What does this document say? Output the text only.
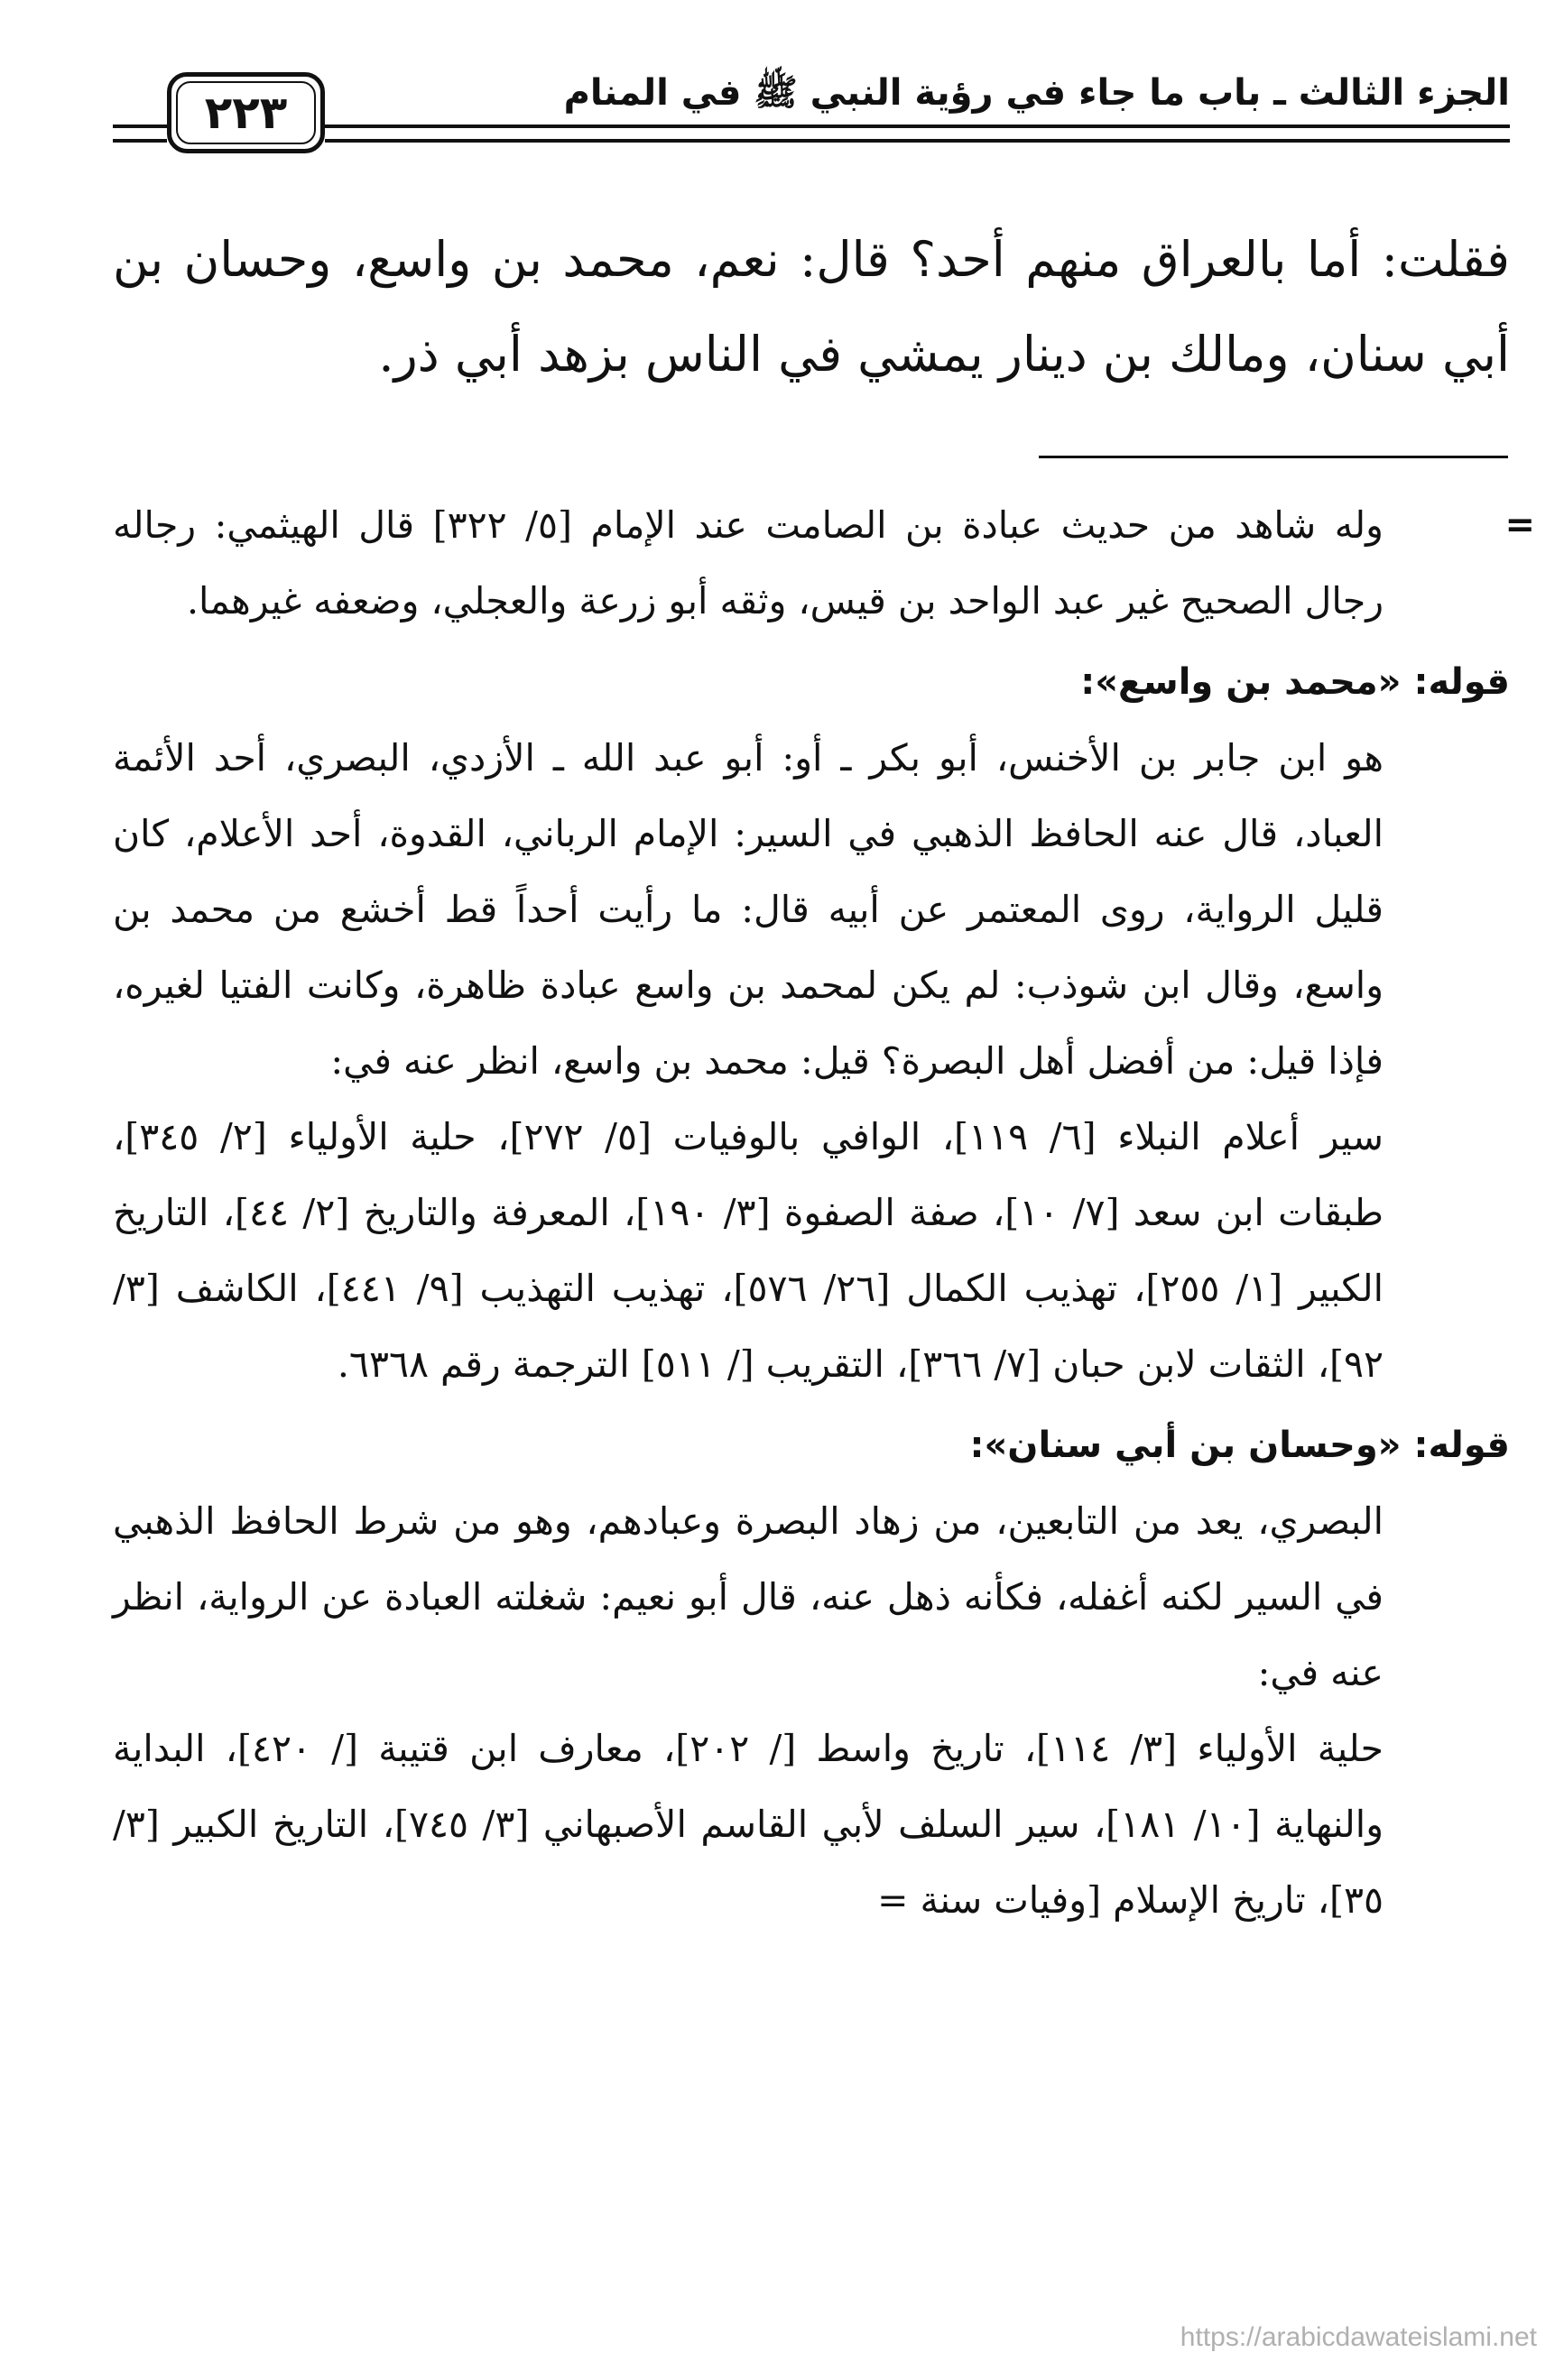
الجزء الثالث ـ باب ما جاء في رؤية النبي ﷺ في المنام
٢٢٣

فقلت: أما بالعراق منهم أحد؟ قال: نعم، محمد بن واسع، وحسان بن أبي سنان، ومالك بن دينار يمشي في الناس بزهد أبي ذر.

=

وله شاهد من حديث عبادة بن الصامت عند الإمام [٥/ ٣٢٢] قال الهيثمي: رجاله رجال الصحيح غير عبد الواحد بن قيس، وثقه أبو زرعة والعجلي، وضعفه غيرهما.

قوله: «محمد بن واسع»:

هو ابن جابر بن الأخنس، أبو بكر ـ أو: أبو عبد الله ـ الأزدي، البصري، أحد الأئمة العباد، قال عنه الحافظ الذهبي في السير: الإمام الرباني، القدوة، أحد الأعلام، كان قليل الرواية، روى المعتمر عن أبيه قال: ما رأيت أحداً قط أخشع من محمد بن واسع، وقال ابن شوذب: لم يكن لمحمد بن واسع عبادة ظاهرة، وكانت الفتيا لغيره، فإذا قيل: من أفضل أهل البصرة؟ قيل: محمد بن واسع، انظر عنه في:

سير أعلام النبلاء [٦/ ١١٩]، الوافي بالوفيات [٥/ ٢٧٢]، حلية الأولياء [٢/ ٣٤٥]، طبقات ابن سعد [٧/ ١٠]، صفة الصفوة [٣/ ١٩٠]، المعرفة والتاريخ [٢/ ٤٤]، التاريخ الكبير [١/ ٢٥٥]، تهذيب الكمال [٢٦/ ٥٧٦]، تهذيب التهذيب [٩/ ٤٤١]، الكاشف [٣/ ٩٢]، الثقات لابن حبان [٧/ ٣٦٦]، التقريب [/ ٥١١] الترجمة رقم ٦٣٦٨.

قوله: «وحسان بن أبي سنان»:

البصري، يعد من التابعين، من زهاد البصرة وعبادهم، وهو من شرط الحافظ الذهبي في السير لكنه أغفله، فكأنه ذهل عنه، قال أبو نعيم: شغلته العبادة عن الرواية، انظر عنه في:

حلية الأولياء [٣/ ١١٤]، تاريخ واسط [/ ٢٠٢]، معارف ابن قتيبة [/ ٤٢٠]، البداية والنهاية [١٠/ ١٨١]، سير السلف لأبي القاسم الأصبهاني [٣/ ٧٤٥]، التاريخ الكبير [٣/ ٣٥]، تاريخ الإسلام [وفيات سنة =

https://arabicdawateislami.net
